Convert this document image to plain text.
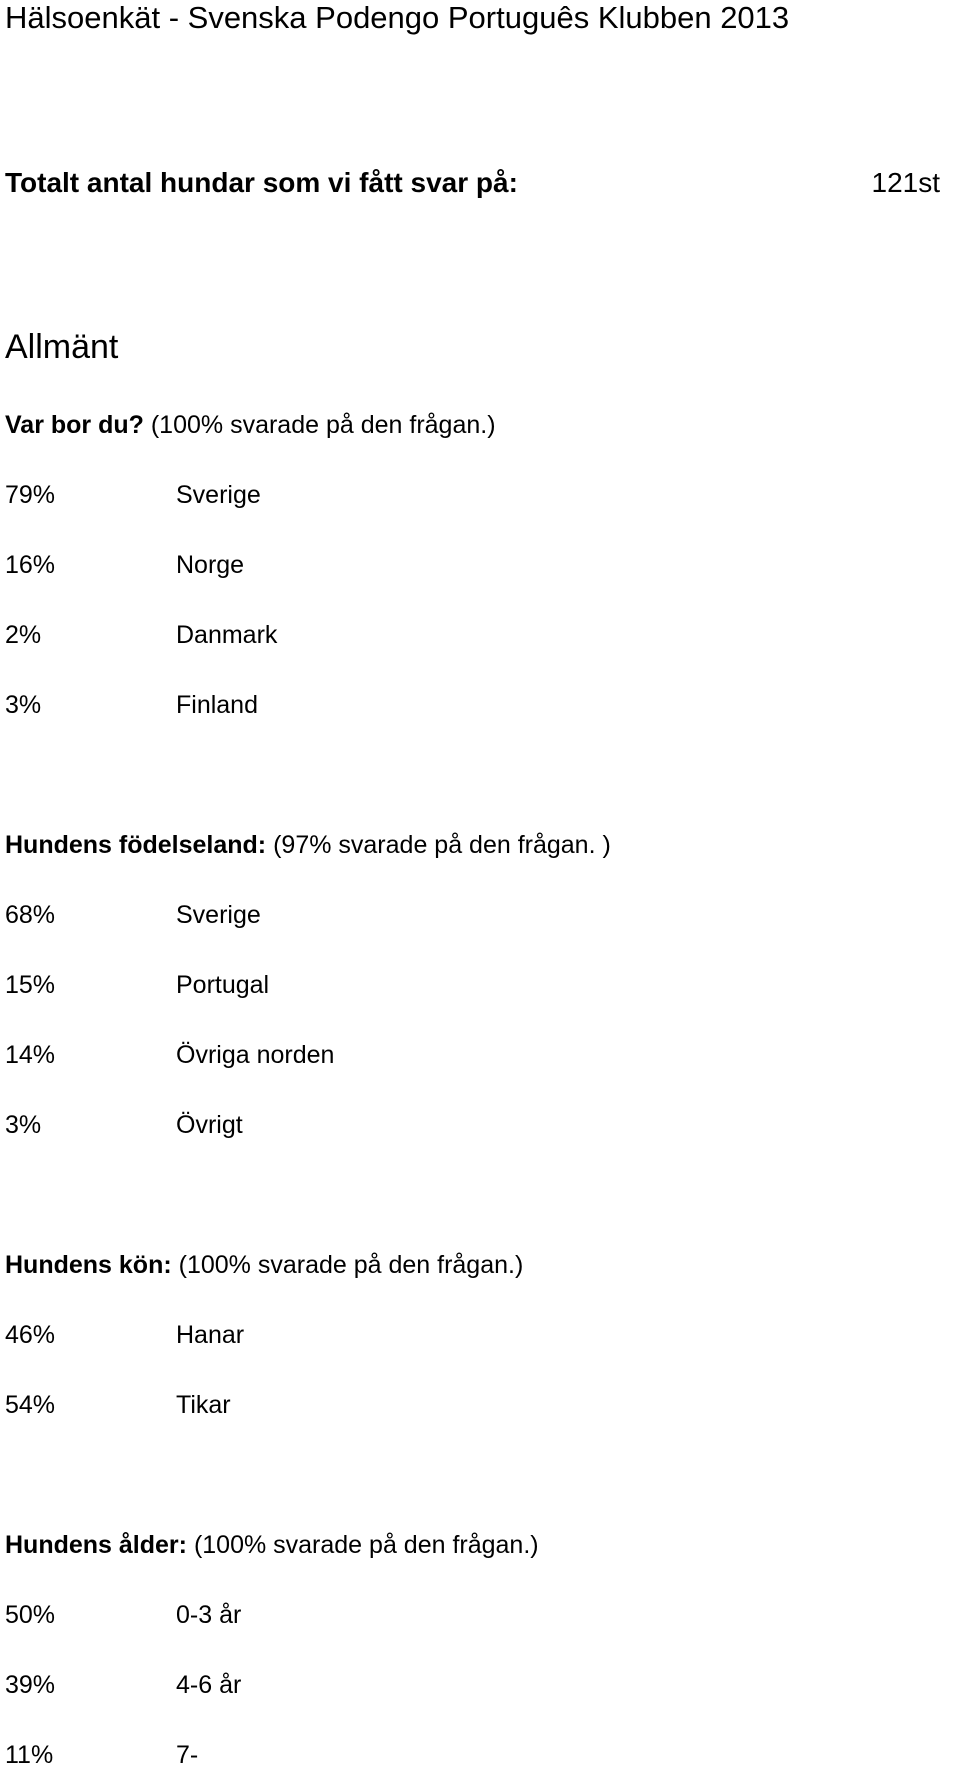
Hälsoenkät - Svenska Podengo Português Klubben 2013
Totalt antal hundar som vi fått svar på:	121st
Allmänt
Var bor du? (100% svarade på den frågan.)
79%	Sverige
16%	Norge
2%	Danmark
3%	Finland
Hundens födelseland: (97% svarade på den frågan. )
68%	Sverige
15%	Portugal
14%	Övriga norden
3%	Övrigt
Hundens kön: (100% svarade på den frågan.)
46%	Hanar
54%	Tikar
Hundens ålder: (100% svarade på den frågan.)
50%	0-3 år
39%	4-6 år
11%	7-
